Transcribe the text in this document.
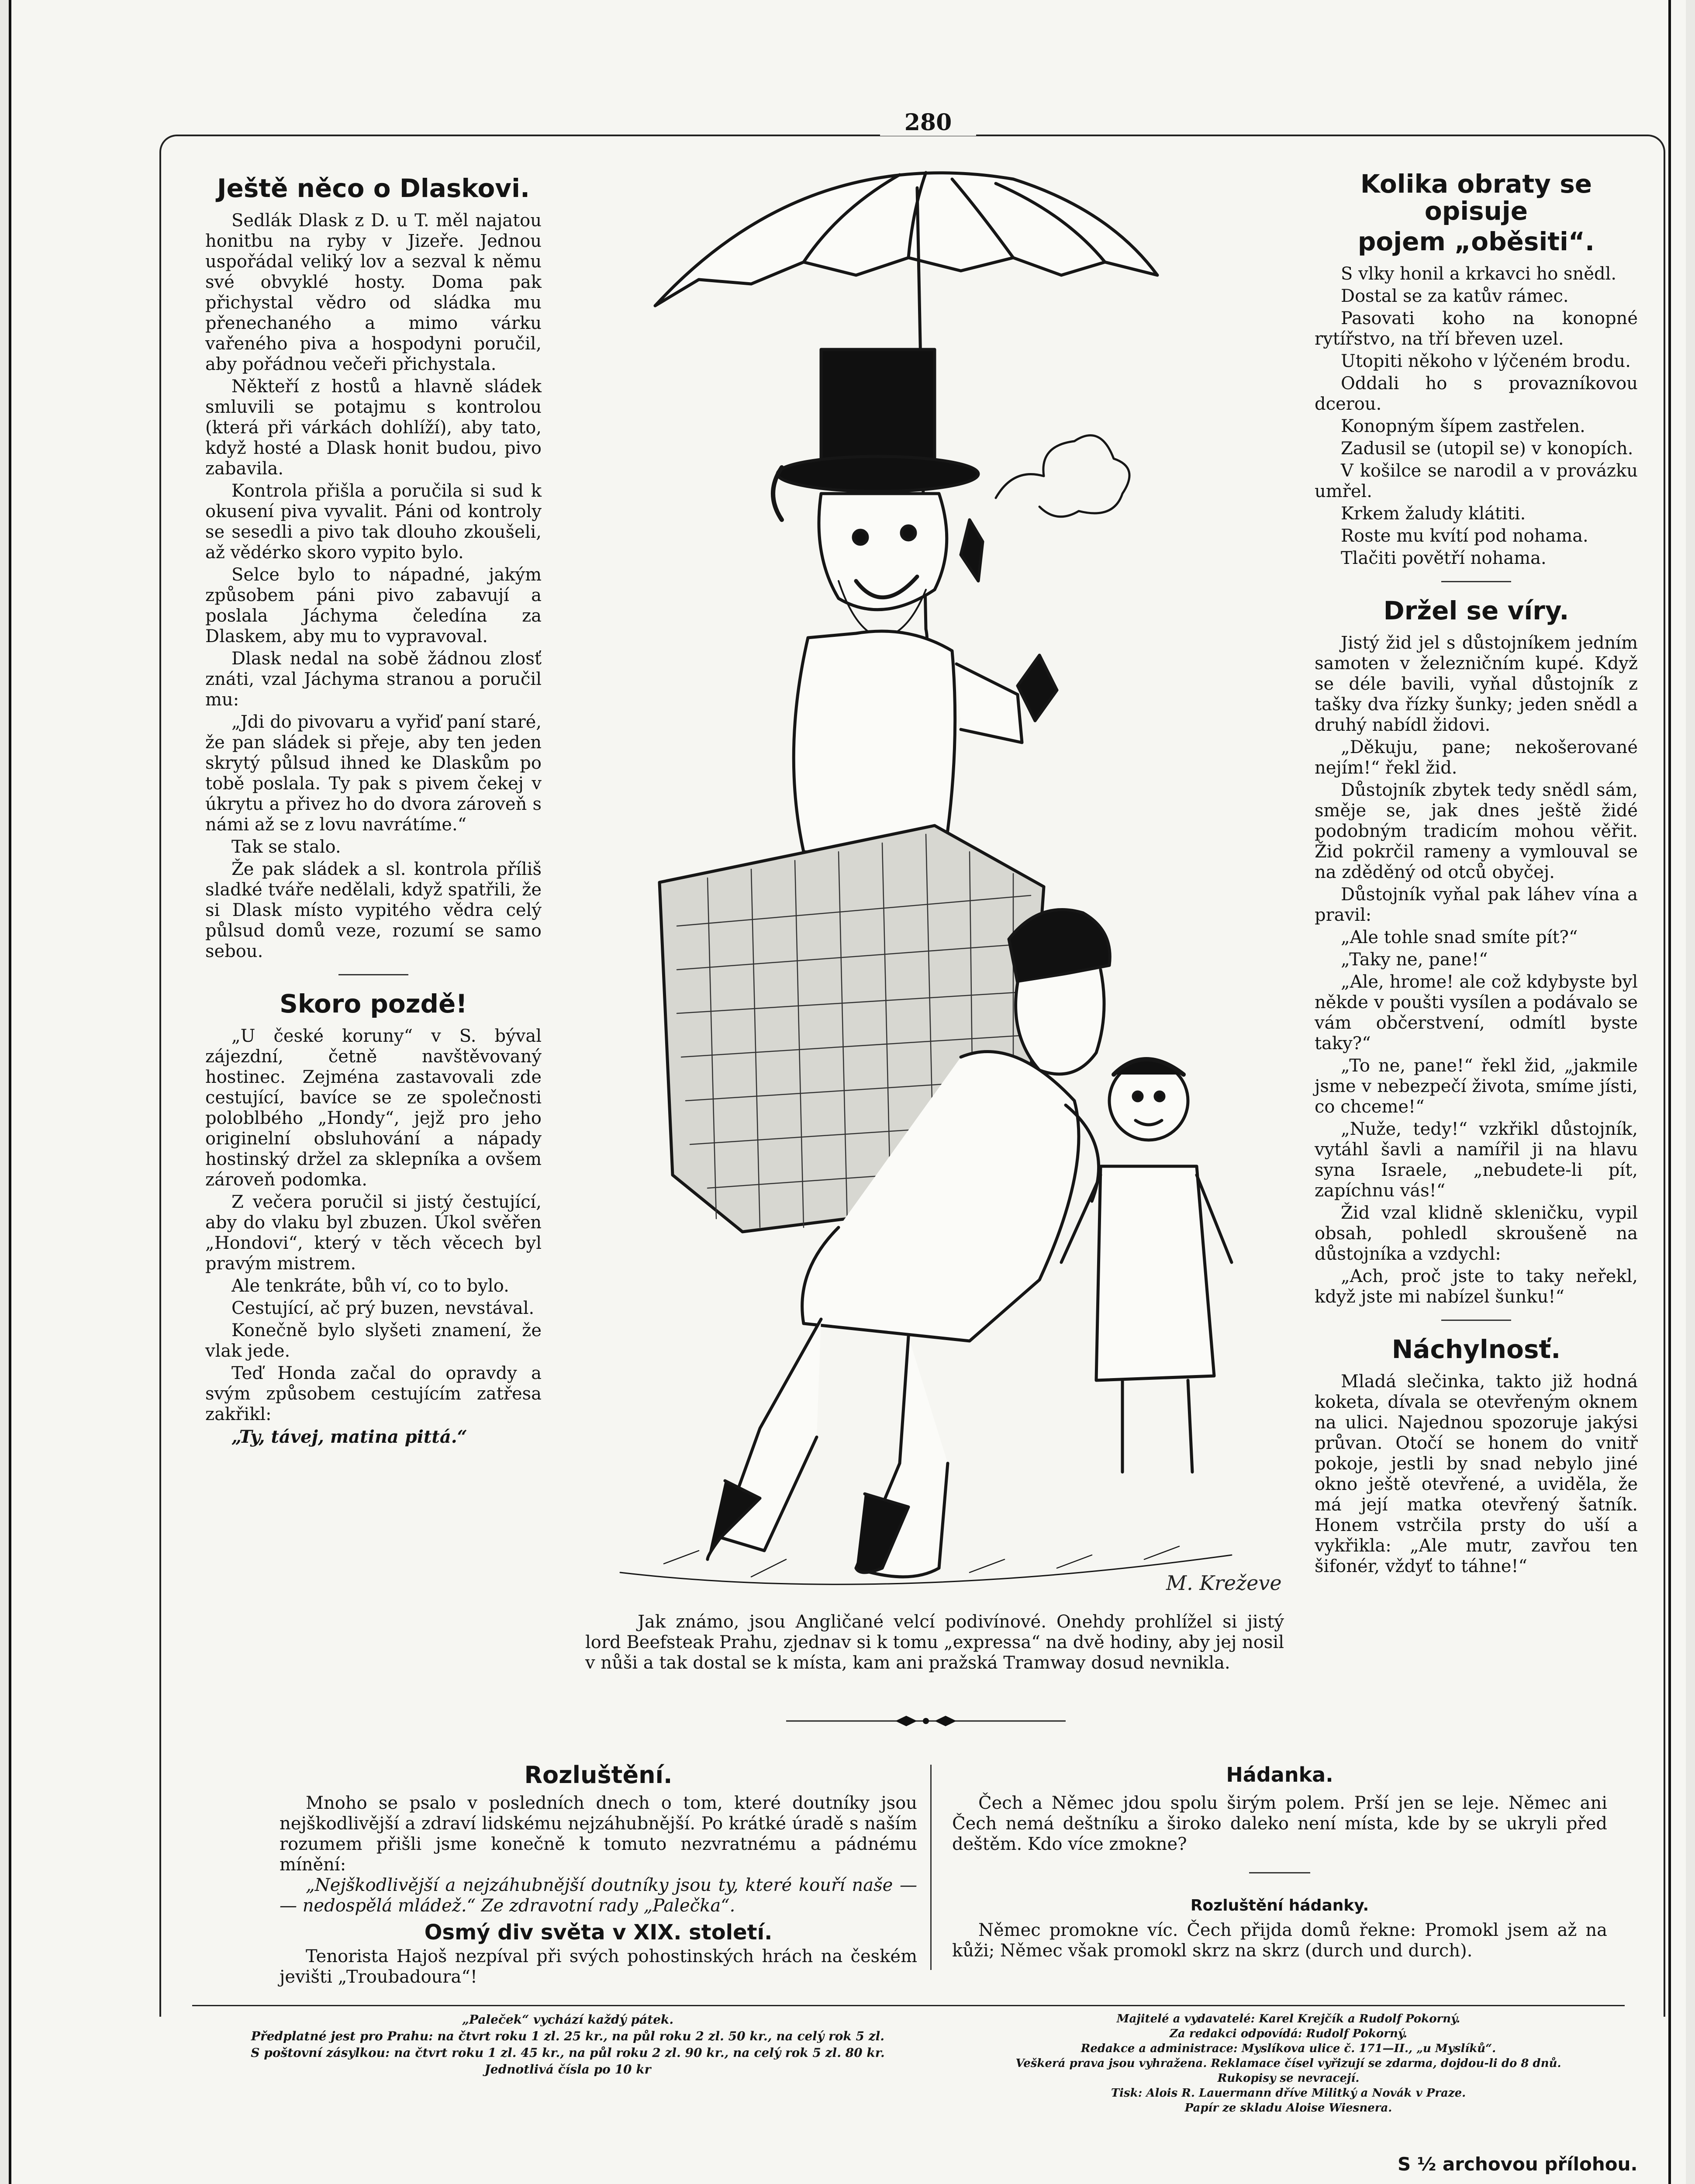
280
Ještě něco o Dlaskovi.

Sedlák Dlask z D. u T. měl najatou honitbu na ryby v Jizeře. Jednou uspořádal veliký lov a sezval k němu své obvyklé hosty. Doma pak přichystal vědro od sládka mu přenechaného a mimo várku vařeného piva a hospodyni poručil, aby pořádnou večeři přichystala.

Někteří z hostů a hlavně sládek smluvili se potajmu s kontrolou (která při várkách dohlíží), aby tato, když hosté a Dlask honit budou, pivo zabavila.

Kontrola přišla a poručila si sud k okusení piva vyvalit. Páni od kontroly se sesedli a pivo tak dlouho zkoušeli, až vědérko skoro vypito bylo.

Selce bylo to nápadné, jakým způsobem páni pivo zabavují a poslala Jáchyma čeledína za Dlaskem, aby mu to vypravoval.

Dlask nedal na sobě žádnou zlosť znáti, vzal Jáchyma stranou a poručil mu:

„Jdi do pivovaru a vyřiď paní staré, že pan sládek si přeje, aby ten jeden skrytý půlsud ihned ke Dlaskům po tobě poslala. Ty pak s pivem čekej v úkrytu a přivez ho do dvora zároveň s námi až se z lovu navrátíme.“

Tak se stalo.

Že pak sládek a sl. kontrola příliš sladké tváře nedělali, když spatřili, že si Dlask místo vypitého vědra celý půlsud domů veze, rozumí se samo sebou.

Skoro pozdě!

„U české koruny“ v S. býval zájezdní, četně navštěvovaný hostinec. Zejména zastavovali zde cestující, bavíce se ze společnosti poloblbého „Hondy“, jejž pro jeho originelní obsluhování a nápady hostinský držel za sklepníka a ovšem zároveň podomka.

Z večera poručil si jistý čestující, aby do vlaku byl zbuzen. Úkol svěřen „Hondovi“, který v těch věcech byl pravým mistrem.

Ale tenkráte, bůh ví, co to bylo.

Cestující, ač prý buzen, nevstával.

Konečně bylo slyšeti znamení, že vlak jede.

Teď Honda začal do opravdy a svým způsobem cestujícím zatřesa zakřikl:

„Ty, távej, matina pittá.“

M. Kreževe
Jak známo, jsou Angličané velcí podivínové. Onehdy prohlížel si jistý lord Beefsteak Prahu, zjednav si k tomu „expressa“ na dvě hodiny, aby jej nosil v nůši a tak dostal se k místa, kam ani pražská Tramway dosud nevnikla.
Kolika obraty se opisuje
pojem „oběsiti“.

S vlky honil a krkavci ho snědl.

Dostal se za katův rámec.

Pasovati koho na konopné rytířstvo, na tří břeven uzel.

Utopiti někoho v lýčeném brodu.

Oddali ho s provazníkovou dcerou.

Konopným šípem zastřelen.

Zadusil se (utopil se) v konopích.

V košilce se narodil a v provázku umřel.

Krkem žaludy klátiti.

Roste mu kvítí pod nohama.

Tlačiti povětří nohama.

Držel se víry.

Jistý žid jel s důstojníkem jedním samoten v železničním kupé. Když se déle bavili, vyňal důstojník z tašky dva řízky šunky; jeden snědl a druhý nabídl židovi.

„Děkuju, pane; nekošerované nejím!“ řekl žid.

Důstojník zbytek tedy snědl sám, směje se, jak dnes ještě židé podobným tradicím mohou věřit. Žid pokrčil rameny a vymlouval se na zděděný od otců obyčej.

Důstojník vyňal pak láhev vína a pravil:

„Ale tohle snad smíte pít?“

„Taky ne, pane!“

„Ale, hrome! ale což kdybyste byl někde v poušti vysílen a podávalo se vám občerstvení, odmítl byste taky?“

„To ne, pane!“ řekl žid, „jakmile jsme v nebezpečí života, smíme jísti, co chceme!“

„Nuže, tedy!“ vzkřikl důstojník, vytáhl šavli a namířil ji na hlavu syna Israele, „nebudete-li pít, zapíchnu vás!“

Žid vzal klidně skleničku, vypil obsah, pohledl skroušeně na důstojníka a vzdychl:

„Ach, proč jste to taky neřekl, když jste mi nabízel šunku!“

Náchylnosť.

Mladá slečinka, takto již hodná koketa, dívala se otevřeným oknem na ulici. Najednou spozoruje jakýsi průvan. Otočí se honem do vnitř pokoje, jestli by snad nebylo jiné okno ještě otevřené, a uviděla, že má její matka otevřený šatník. Honem vstrčila prsty do uší a vykřikla: „Ale mutr, zavřou ten šifonér, vždyť to táhne!“

Rozluštění.

Mnoho se psalo v posledních dnech o tom, které doutníky jsou nejškodlivější a zdraví lidskému nejzáhubnější. Po krátké úradě s naším rozumem přišli jsme konečně k tomuto nezvratnému a pádnému mínění:

„Nejškodlivější a nejzáhubnější doutníky jsou ty, které kouří naše — — nedospělá mládež.“ Ze zdravotní rady „Palečka“.

Osmý div světa v XIX. století.

Tenorista Hajoš nezpíval při svých pohostinských hrách na českém jevišti „Troubadoura“!

Hádanka.

Čech a Němec jdou spolu širým polem. Prší jen se leje. Němec ani Čech nemá deštníku a široko daleko není místa, kde by se ukryli před deštěm. Kdo více zmokne?

Rozluštění hádanky.

Němec promokne víc. Čech přijda domů řekne: Promokl jsem až na kůži; Němec však promokl skrz na skrz (durch und durch).

„Paleček“ vychází každý pátek.
Předplatné jest pro Prahu: na čtvrt roku 1 zl. 25 kr., na půl roku 2 zl. 50 kr., na celý rok 5 zl.
S poštovní zásylkou: na čtvrt roku 1 zl. 45 kr., na půl roku 2 zl. 90 kr., na celý rok 5 zl. 80 kr.
Jednotlivá čísla po 10 kr
Majitelé a vydavatelé: Karel Krejčík a Rudolf Pokorný.
Za redakci odpovídá: Rudolf Pokorný.
Redakce a administrace: Myslíkova ulice č. 171—II., „u Myslíků“.
Veškerá prava jsou vyhražena. Reklamace čísel vyřizují se zdarma, dojdou-li do 8 dnů.
Rukopisy se nevracejí.
Tisk: Alois R. Lauermann dříve Militký a Novák v Praze.
Papír ze skladu Aloise Wiesnera.
S ½ archovou přílohou.
